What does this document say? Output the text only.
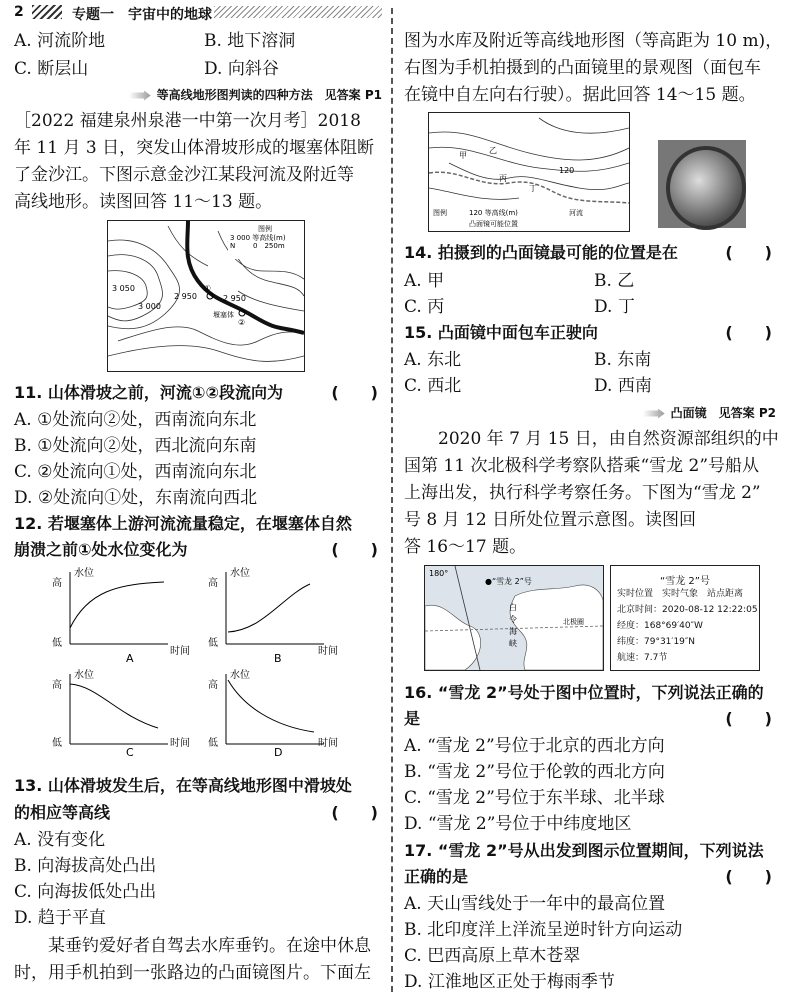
2	专题一　宇宙中的地球
A. 河流阶地	B. 地下溶洞
C. 断层山	D. 向斜谷
等高线地形图判读的四种方法　见答案 P1
［2022 福建泉州泉港一中第一次月考］2018
年 11 月 3 日，突发山体滑坡形成的堰塞体阻断
了金沙江。下图示意金沙江某段河流及附近等
高线地形。读图回答 11～13 题。
3 050
3 000
2 950	2 950
①
②
堰塞体
图例
3 000 等高线(m)
N	0　250m
11. 山体滑坡之前，河流①②段流向为	(　　)
A. ①处流向②处，西南流向东北
B. ①处流向②处，西北流向东南
C. ②处流向①处，西南流向东北
D. ②处流向①处，东南流向西北
12. 若堰塞体上游河流流量稳定，在堰塞体自然
崩溃之前①处水位变化为	(　　)
水位
高
低
时间
A
水位
高
低
时间
B
水位
高
低	时间
C
水位
高
低	时间
D
13. 山体滑坡发生后，在等高线地形图中滑坡处
的相应等高线	(　　)
A. 没有变化
B. 向海拔高处凸出
C. 向海拔低处凸出
D. 趋于平直
　　某垂钓爱好者自驾去水库垂钓。在途中休息
时，用手机拍到一张路边的凸面镜图片。下面左
图为水库及附近等高线地形图（等高距为 10 m)，
右图为手机拍摄到的凸面镜里的景观图（面包车
在镜中自左向右行驶）。据此回答 14～15 题。
120
甲
乙
丙
丁
图例	120 等高线(m)	河流
凸面镜可能位置
14. 拍摄到的凸面镜最可能的位置是在	(　　)
A. 甲	B. 乙
C. 丙	D. 丁
15. 凸面镜中面包车正驶向	(　　)
A. 东北	B. 东南
C. 西北	D. 西南
凸面镜　见答案 P2
　　2020 年 7 月 15 日，由自然资源部组织的中
国第 11 次北极科学考察队搭乘“雪龙 2”号船从
上海出发，执行科学考察任务。下图为“雪龙 2”
号 8 月 12 日所处位置示意图。读图回
答 16～17 题。
180°
●“雪龙 2”号
白
令
海
峡
北极圈
“雪龙 2”号
实时位置　实时气象　站点距离
北京时间：2020-08-12 12:22:05
经度：168°69′40″W
纬度：79°31′19″N
航速：7.7节
16. “雪龙 2”号处于图中位置时，下列说法正确的
是	(　　)
A. “雪龙 2”号位于北京的西北方向
B. “雪龙 2”号位于伦敦的西北方向
C. “雪龙 2”号位于东半球、北半球
D. “雪龙 2”号位于中纬度地区
17. “雪龙 2”号从出发到图示位置期间，下列说法
正确的是	(　　)
A. 天山雪线处于一年中的最高位置
B. 北印度洋上洋流呈逆时针方向运动
C. 巴西高原上草木苍翠
D. 江淮地区正处于梅雨季节
